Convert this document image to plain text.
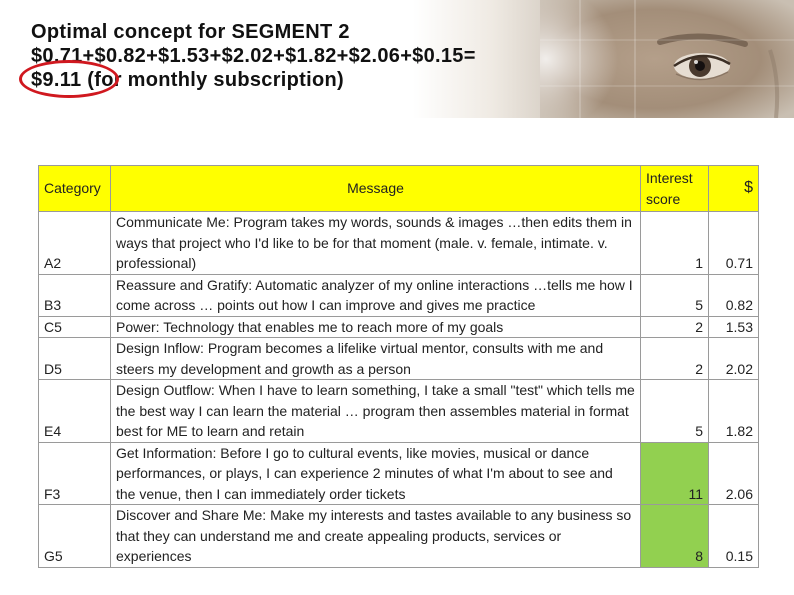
Optimal concept for SEGMENT 2
$0.71+$0.82+$1.53+$2.02+$1.82+$2.06+$0.15=
$9.11 (for monthly subscription)
Category	Message	Interest score	$
A2	Communicate Me: Program takes my words, sounds & images …then edits them in ways that project who I'd like to be for that moment (male. v. female, intimate. v. professional)	1	0.71
B3	Reassure and Gratify: Automatic analyzer of my online interactions …tells me how I come across … points out how I can improve and gives me practice	5	0.82
C5	Power: Technology that enables me to reach more of my goals	2	1.53
D5	Design Inflow: Program becomes a lifelike virtual mentor, consults with me and steers my development and growth as a person	2	2.02
E4	Design Outflow: When I have to learn something, I take a small "test" which tells me the best way I can learn the material … program then assembles material in format best for ME to learn and retain	5	1.82
F3	Get Information: Before I go to cultural events, like movies, musical or dance performances, or plays, I can experience 2 minutes of what I'm about to see and the venue, then I can immediately order tickets	11	2.06
G5	Discover and Share Me: Make my interests and tastes available to any business so that they can understand me and create appealing products, services or experiences	8	0.15
